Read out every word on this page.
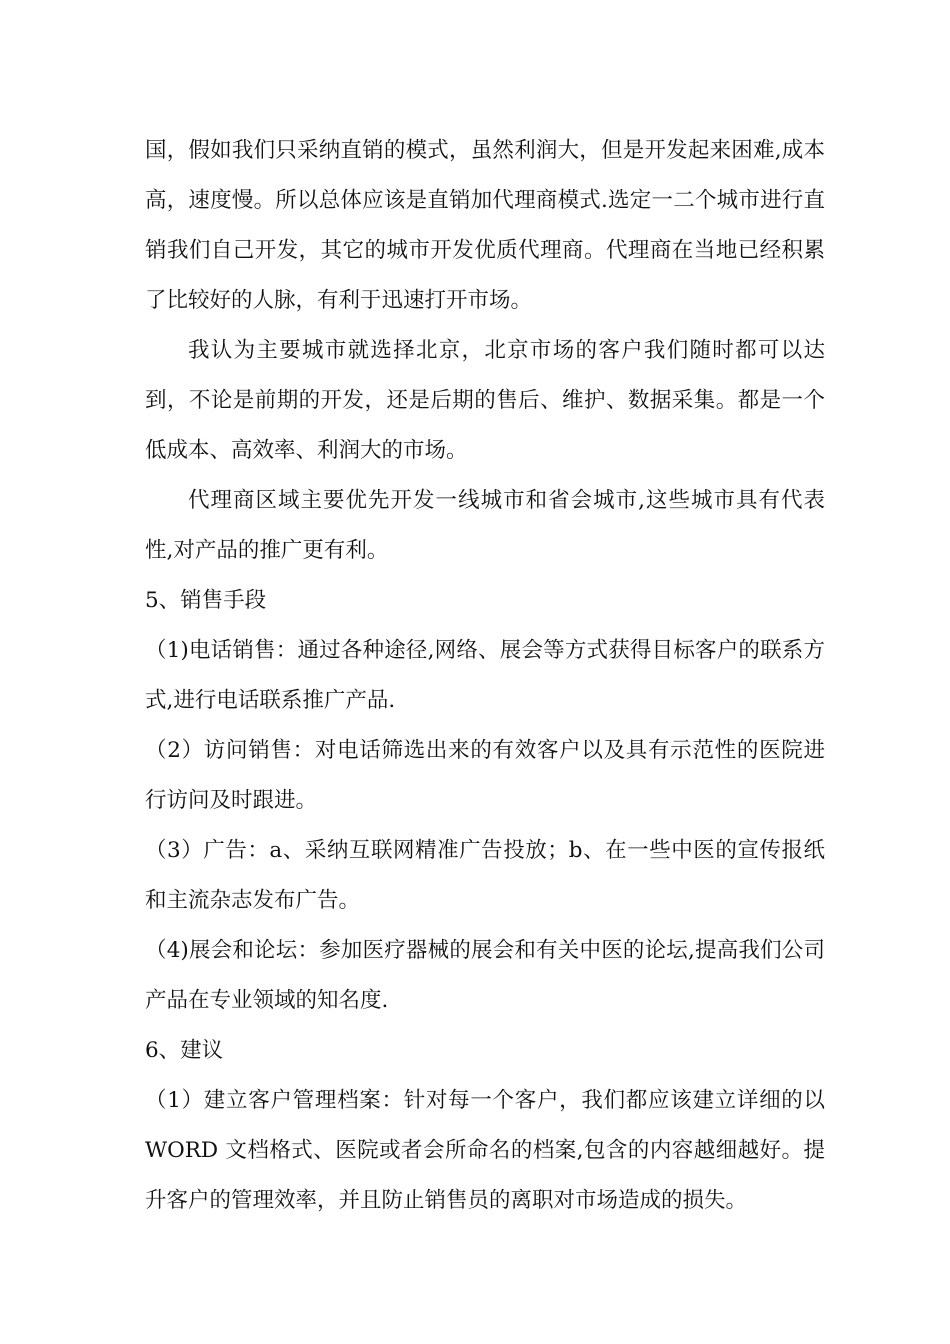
国，假如我们只采纳直销的模式，虽然利润大，但是开发起来困难,成本高，速度慢。所以总体应该是直销加代理商模式.选定一二个城市进行直销我们自己开发，其它的城市开发优质代理商。代理商在当地已经积累了比较好的人脉，有利于迅速打开市场。

我认为主要城市就选择北京，北京市场的客户我们随时都可以达到，不论是前期的开发，还是后期的售后、维护、数据采集。都是一个低成本、高效率、利润大的市场。

代理商区域主要优先开发一线城市和省会城市,这些城市具有代表性,对产品的推广更有利。

5、销售手段

（1)电话销售：通过各种途径,网络、展会等方式获得目标客户的联系方式,进行电话联系推广产品.

（2）访问销售：对电话筛选出来的有效客户以及具有示范性的医院进行访问及时跟进。

（3）广告：a、采纳互联网精准广告投放；b、在一些中医的宣传报纸和主流杂志发布广告。

（4)展会和论坛：参加医疗器械的展会和有关中医的论坛,提高我们公司产品在专业领域的知名度.

6、建议

（1）建立客户管理档案：针对每一个客户，我们都应该建立详细的以 WORD 文档格式、医院或者会所命名的档案,包含的内容越细越好。提升客户的管理效率，并且防止销售员的离职对市场造成的损失。
